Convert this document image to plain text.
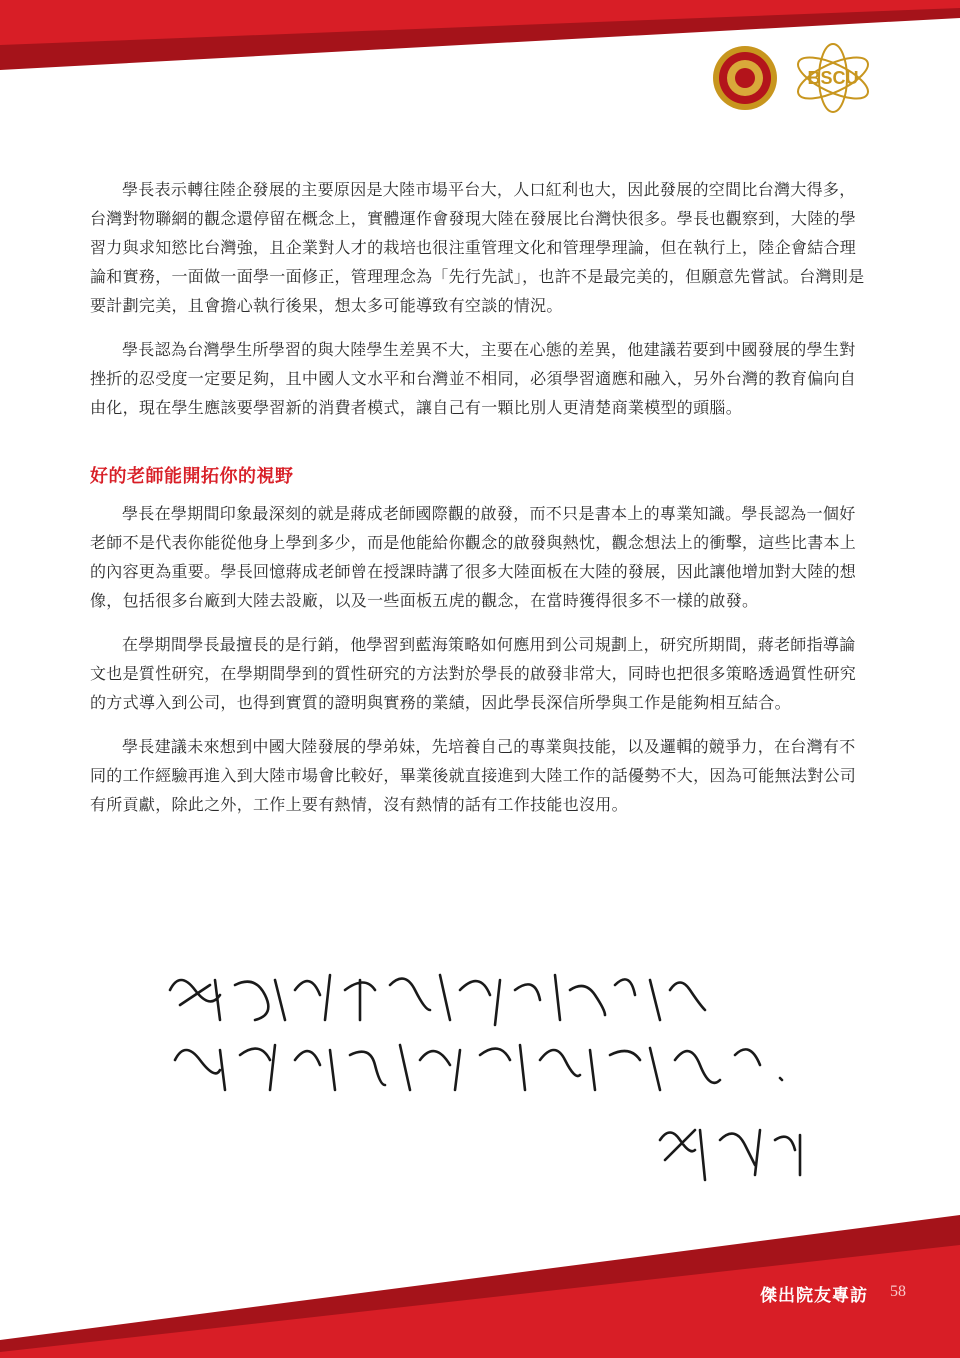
BSCU

學長表示轉往陸企發展的主要原因是大陸市場平台大，人口紅利也大，因此發展的空間比台灣大得多，台灣對物聯網的觀念還停留在概念上，實體運作會發現大陸在發展比台灣快很多。學長也觀察到，大陸的學習力與求知慾比台灣強，且企業對人才的栽培也很注重管理文化和管理學理論，但在執行上，陸企會結合理論和實務，一面做一面學一面修正，管理理念為「先行先試」，也許不是最完美的，但願意先嘗試。台灣則是要計劃完美，且會擔心執行後果，想太多可能導致有空談的情況。

學長認為台灣學生所學習的與大陸學生差異不大，主要在心態的差異，他建議若要到中國發展的學生對挫折的忍受度一定要足夠，且中國人文水平和台灣並不相同，必須學習適應和融入，另外台灣的教育偏向自由化，現在學生應該要學習新的消費者模式，讓自己有一顆比別人更清楚商業模型的頭腦。

好的老師能開拓你的視野

學長在學期間印象最深刻的就是蔣成老師國際觀的啟發，而不只是書本上的專業知識。學長認為一個好老師不是代表你能從他身上學到多少，而是他能給你觀念的啟發與熱忱，觀念想法上的衝擊，這些比書本上的內容更為重要。學長回憶蔣成老師曾在授課時講了很多大陸面板在大陸的發展，因此讓他增加對大陸的想像，包括很多台廠到大陸去設廠，以及一些面板五虎的觀念，在當時獲得很多不一樣的啟發。

在學期間學長最擅長的是行銷，他學習到藍海策略如何應用到公司規劃上，研究所期間，蔣老師指導論文也是質性研究，在學期間學到的質性研究的方法對於學長的啟發非常大，同時也把很多策略透過質性研究的方式導入到公司，也得到實質的證明與實務的業績，因此學長深信所學與工作是能夠相互結合。

學長建議未來想到中國大陸發展的學弟妹，先培養自己的專業與技能，以及邏輯的競爭力，在台灣有不同的工作經驗再進入到大陸市場會比較好，畢業後就直接進到大陸工作的話優勢不大，因為可能無法對公司有所貢獻，除此之外，工作上要有熱情，沒有熱情的話有工作技能也沒用。

傑出院友專訪 58
